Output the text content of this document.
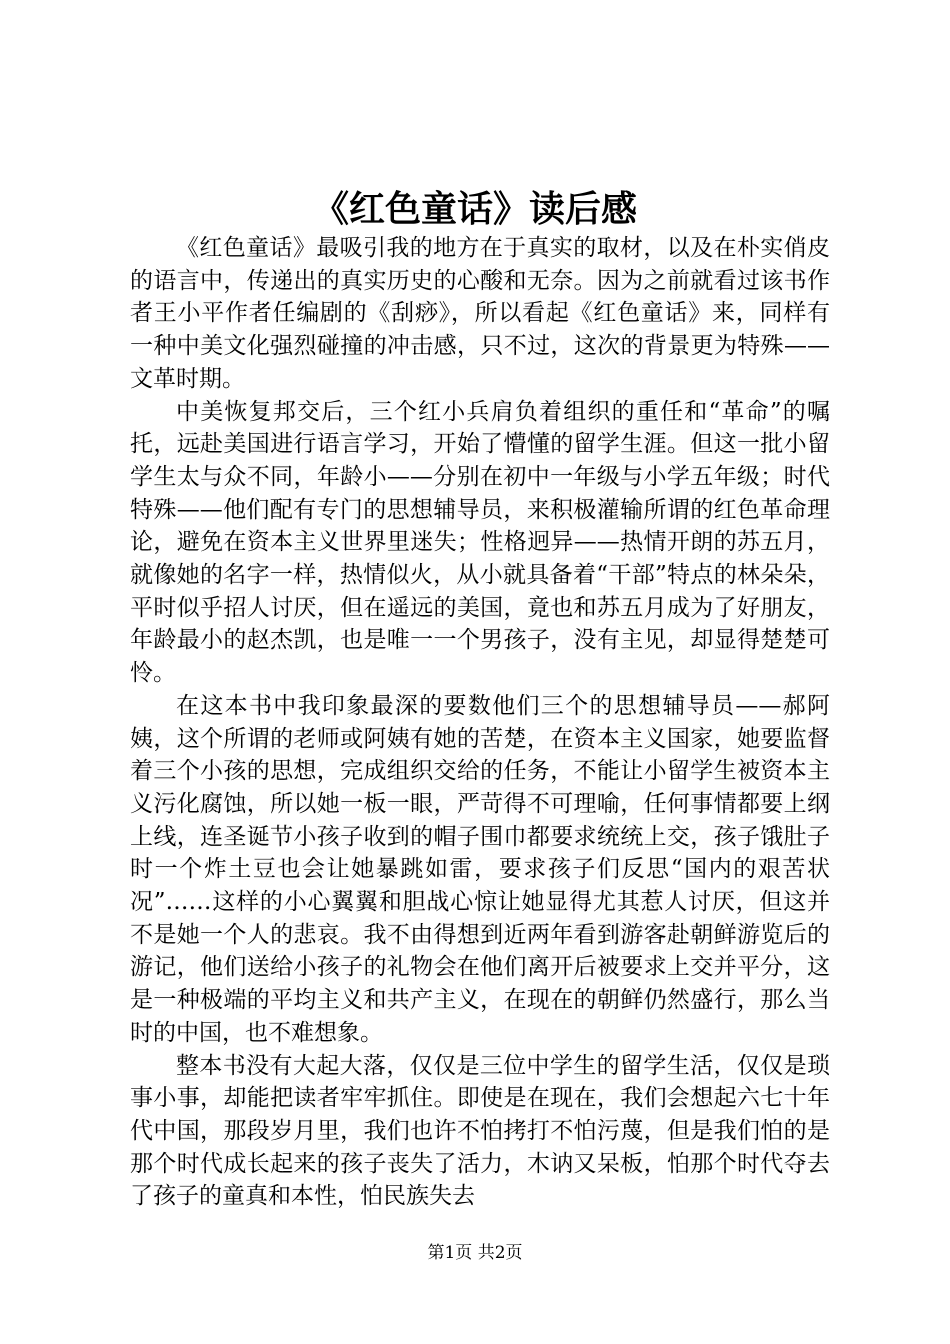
《红色童话》读后感

《红色童话》最吸引我的地方在于真实的取材，以及在朴实俏皮的语言中，传递出的真实历史的心酸和无奈。因为之前就看过该书作者王小平作者任编剧的《刮痧》，所以看起《红色童话》来，同样有一种中美文化强烈碰撞的冲击感，只不过，这次的背景更为特殊——文革时期。

中美恢复邦交后，三个红小兵肩负着组织的重任和“革命”的嘱托，远赴美国进行语言学习，开始了懵懂的留学生涯。但这一批小留学生太与众不同，年龄小——分别在初中一年级与小学五年级；时代特殊——他们配有专门的思想辅导员，来积极灌输所谓的红色革命理论，避免在资本主义世界里迷失；性格迥异——热情开朗的苏五月，就像她的名字一样，热情似火，从小就具备着“干部”特点的林朵朵，平时似乎招人讨厌，但在遥远的美国，竟也和苏五月成为了好朋友，年龄最小的赵杰凯，也是唯一一个男孩子，没有主见，却显得楚楚可怜。

在这本书中我印象最深的要数他们三个的思想辅导员——郝阿姨，这个所谓的老师或阿姨有她的苦楚，在资本主义国家，她要监督着三个小孩的思想，完成组织交给的任务，不能让小留学生被资本主义污化腐蚀，所以她一板一眼，严苛得不可理喻，任何事情都要上纲上线，连圣诞节小孩子收到的帽子围巾都要求统统上交，孩子饿肚子时一个炸土豆也会让她暴跳如雷，要求孩子们反思“国内的艰苦状况”……这样的小心翼翼和胆战心惊让她显得尤其惹人讨厌，但这并不是她一个人的悲哀。我不由得想到近两年看到游客赴朝鲜游览后的游记，他们送给小孩子的礼物会在他们离开后被要求上交并平分，这是一种极端的平均主义和共产主义，在现在的朝鲜仍然盛行，那么当时的中国，也不难想象。

整本书没有大起大落，仅仅是三位中学生的留学生活，仅仅是琐事小事，却能把读者牢牢抓住。即使是在现在，我们会想起六七十年代中国，那段岁月里，我们也许不怕拷打不怕污蔑，但是我们怕的是那个时代成长起来的孩子丧失了活力，木讷又呆板，怕那个时代夺去了孩子的童真和本性，怕民族失去

第1页 共2页
